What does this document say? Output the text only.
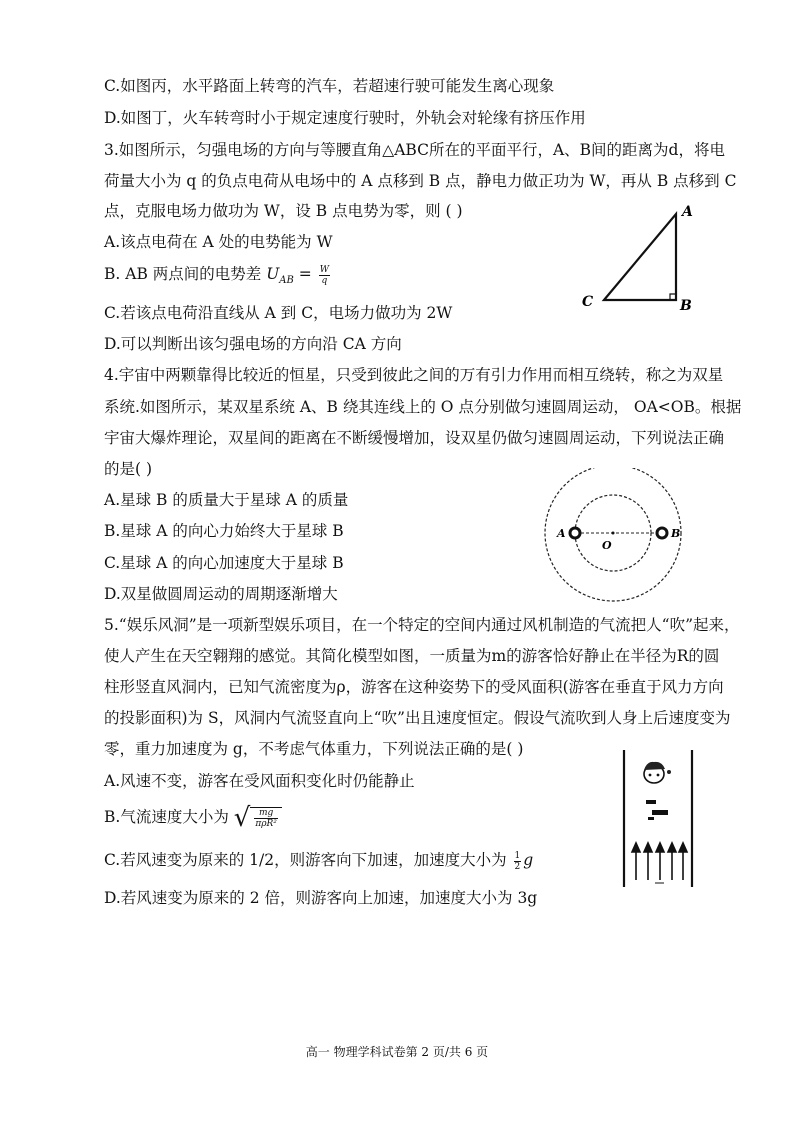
C.如图丙，水平路面上转弯的汽车，若超速行驶可能发生离心现象
D.如图丁，火车转弯时小于规定速度行驶时，外轨会对轮缘有挤压作用
3.如图所示，匀强电场的方向与等腰直角△ABC所在的平面平行，A、B间的距离为d，将电
荷量大小为 q 的负点电荷从电场中的 A 点移到 B 点，静电力做正功为 W，再从 B 点移到 C
点，克服电场力做功为 W，设 B 点电势为零，则 ( )
A.该点电荷在 A 处的电势能为 W
B. AB 两点间的电势差 $U_{AB} = \frac{W}{q}$
C.若该点电荷沿直线从 A 到 C，电场力做功为 2W
D.可以判断出该匀强电场的方向沿 CA 方向
4.宇宙中两颗靠得比较近的恒星，只受到彼此之间的万有引力作用而相互绕转，称之为双星
系统.如图所示，某双星系统 A、B 绕其连线上的 O 点分别做匀速圆周运动， OA<OB。根据
宇宙大爆炸理论，双星间的距离在不断缓慢增加，设双星仍做匀速圆周运动，下列说法正确
的是( )
A.星球 B 的质量大于星球 A 的质量
B.星球 A 的向心力始终大于星球 B
C.星球 A 的向心加速度大于星球 B
D.双星做圆周运动的周期逐渐增大
5.“娱乐风洞”是一项新型娱乐项目，在一个特定的空间内通过风机制造的气流把人“吹”起来，
使人产生在天空翱翔的感觉。其简化模型如图，一质量为m的游客恰好静止在半径为R的圆
柱形竖直风洞内，已知气流密度为ρ，游客在这种姿势下的受风面积(游客在垂直于风力方向
的投影面积)为 S，风洞内气流竖直向上“吹”出且速度恒定。假设气流吹到人身上后速度变为
零，重力加速度为 g，不考虑气体重力，下列说法正确的是( )
A.风速不变，游客在受风面积变化时仍能静止
B.气流速度大小为 √ $\frac{mg}{\text{πρR²}}$
C.若风速变为原来的 1/2，则游客向下加速，加速度大小为 $\frac{1}{2}$ g
D.若风速变为原来的 2 倍，则游客向上加速，加速度大小为 3g
A
B
C
A	B
O
高一 物理学科试卷第 2 页/共 6 页
